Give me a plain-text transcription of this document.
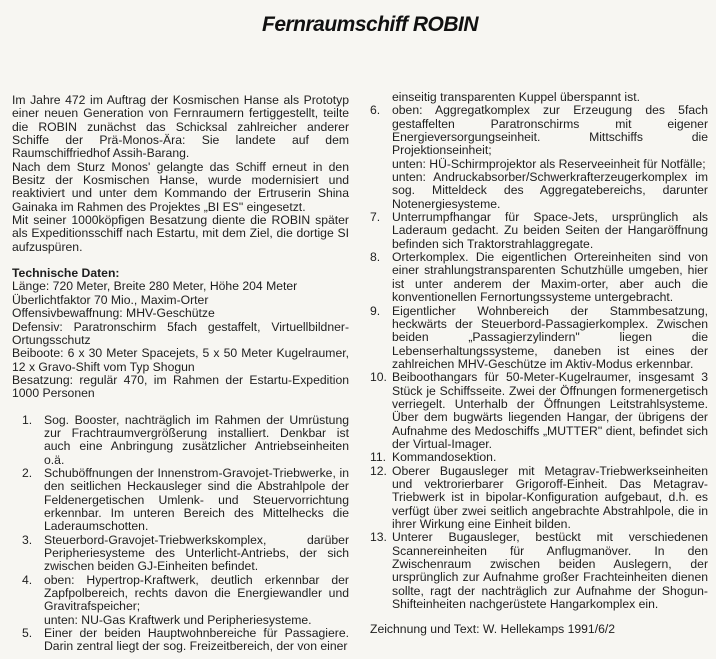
Fernraumschiff ROBIN

Im Jahre 472 im Auftrag der Kosmischen Hanse als Prototyp einer neuen Generation von Fernraumern fertiggestellt, teilte die ROBIN zunächst das Schicksal zahlreicher anderer Schiffe der Prä-Monos-Ära: Sie landete auf dem Raumschiffriedhof Assih-Barang.

Nach dem Sturz Monos' gelangte das Schiff erneut in den Besitz der Kosmischen Hanse, wurde modernisiert und reaktiviert und unter dem Kommando der Ertruserin Shina Gainaka im Rahmen des Projektes „BI ES" eingesetzt.

Mit seiner 1000köpfigen Besatzung diente die ROBIN später als Expeditionsschiff nach Estartu, mit dem Ziel, die dortige SI aufzuspüren.

Technische Daten:

Länge: 720 Meter, Breite 280 Meter, Höhe 204 Meter

Überlichtfaktor 70 Mio., Maxim-Orter

Offensivbewaffnung: MHV-Geschütze

Defensiv: Paratronschirm 5fach gestaffelt, Virtuellbildner-Ortungsschutz

Beiboote: 6 x 30 Meter Spacejets, 5 x 50 Meter Kugelraumer, 12 x Gravo-Shift vom Typ Shogun

Besatzung: regulär 470, im Rahmen der Estartu-Expedition 1000 Personen

1. Sog. Booster, nachträglich im Rahmen der Umrüstung zur Frachtraumvergrößerung installiert. Denkbar ist auch eine Anbringung zusätzlicher Antriebseinheiten o.ä.
2. Schuböffnungen der Innenstrom-Gravojet-Triebwerke, in den seitlichen Heckausleger sind die Abstrahlpole der Feldenergetischen Umlenk- und Steuervorrichtung erkennbar. Im unteren Bereich des Mittelhecks die Laderaumschotten.
3. Steuerbord-Gravojet-Triebwerkskomplex, darüber Peripheriesysteme des Unterlicht-Antriebs, der sich zwischen beiden GJ-Einheiten befindet.
4. oben: Hypertrop-Kraftwerk, deutlich erkennbar der Zapfpolbereich, rechts davon die Energiewandler und Gravitrafspeicher;
unten: NU-Gas Kraftwerk und Peripheriesysteme.
5. Einer der beiden Hauptwohnbereiche für Passagiere. Darin zentral liegt der sog. Freizeitbereich, der von einer
einseitig transparenten Kuppel überspannt ist.
6. oben: Aggregatkomplex zur Erzeugung des 5fach gestaffelten Paratronschirms mit eigener Energieversorgungseinheit. Mittschiffs die Projektionseinheit;
unten: HÜ-Schirmprojektor als Reserveeinheit für Notfälle;
unten: Andruckabsorber/Schwerkrafterzeugerkomplex im sog. Mitteldeck des Aggregatebereichs, darunter Notenergiesysteme.
7. Unterrumpfhangar für Space-Jets, ursprünglich als Laderaum gedacht. Zu beiden Seiten der Hangaröffnung befinden sich Traktorstrahlaggregate.
8. Orterkomplex. Die eigentlichen Ortereinheiten sind von einer strahlungstransparenten Schutzhülle umgeben, hier ist unter anderem der Maxim-orter, aber auch die konventionellen Fernortungssysteme untergebracht.
9. Eigentlicher Wohnbereich der Stammbesatzung, heckwärts der Steuerbord-Passagierkomplex. Zwischen beiden „Passagierzylindern" liegen die Lebenserhaltungssysteme, daneben ist eines der zahlreichen MHV-Geschütze im Aktiv-Modus erkennbar.
10. Beiboothangars für 50-Meter-Kugelraumer, insgesamt 3 Stück je Schiffsseite. Zwei der Öffnungen formenergetisch verriegelt. Unterhalb der Öffnungen Leitstrahlsysteme. Über dem bugwärts liegenden Hangar, der übrigens der Aufnahme des Medoschiffs „MUTTER" dient, befindet sich der Virtual-Imager.
11. Kommandosektion.
12. Oberer Bugausleger mit Metagrav-Triebwerkseinheiten und vektrorierbarer Grigoroff-Einheit. Das Metagrav-Triebwerk ist in bipolar-Konfiguration aufgebaut, d.h. es verfügt über zwei seitlich angebrachte Abstrahlpole, die in ihrer Wirkung eine Einheit bilden.
13. Unterer Bugausleger, bestückt mit verschiedenen Scannereinheiten für Anflugmanöver. In den Zwischenraum zwischen beiden Auslegern, der ursprünglich zur Aufnahme großer Frachteinheiten dienen sollte, ragt der nachträglich zur Aufnahme der Shogun-Shifteinheiten nachgerüstete Hangarkomplex ein.

Zeichnung und Text: W. Hellekamps 1991/6/2
